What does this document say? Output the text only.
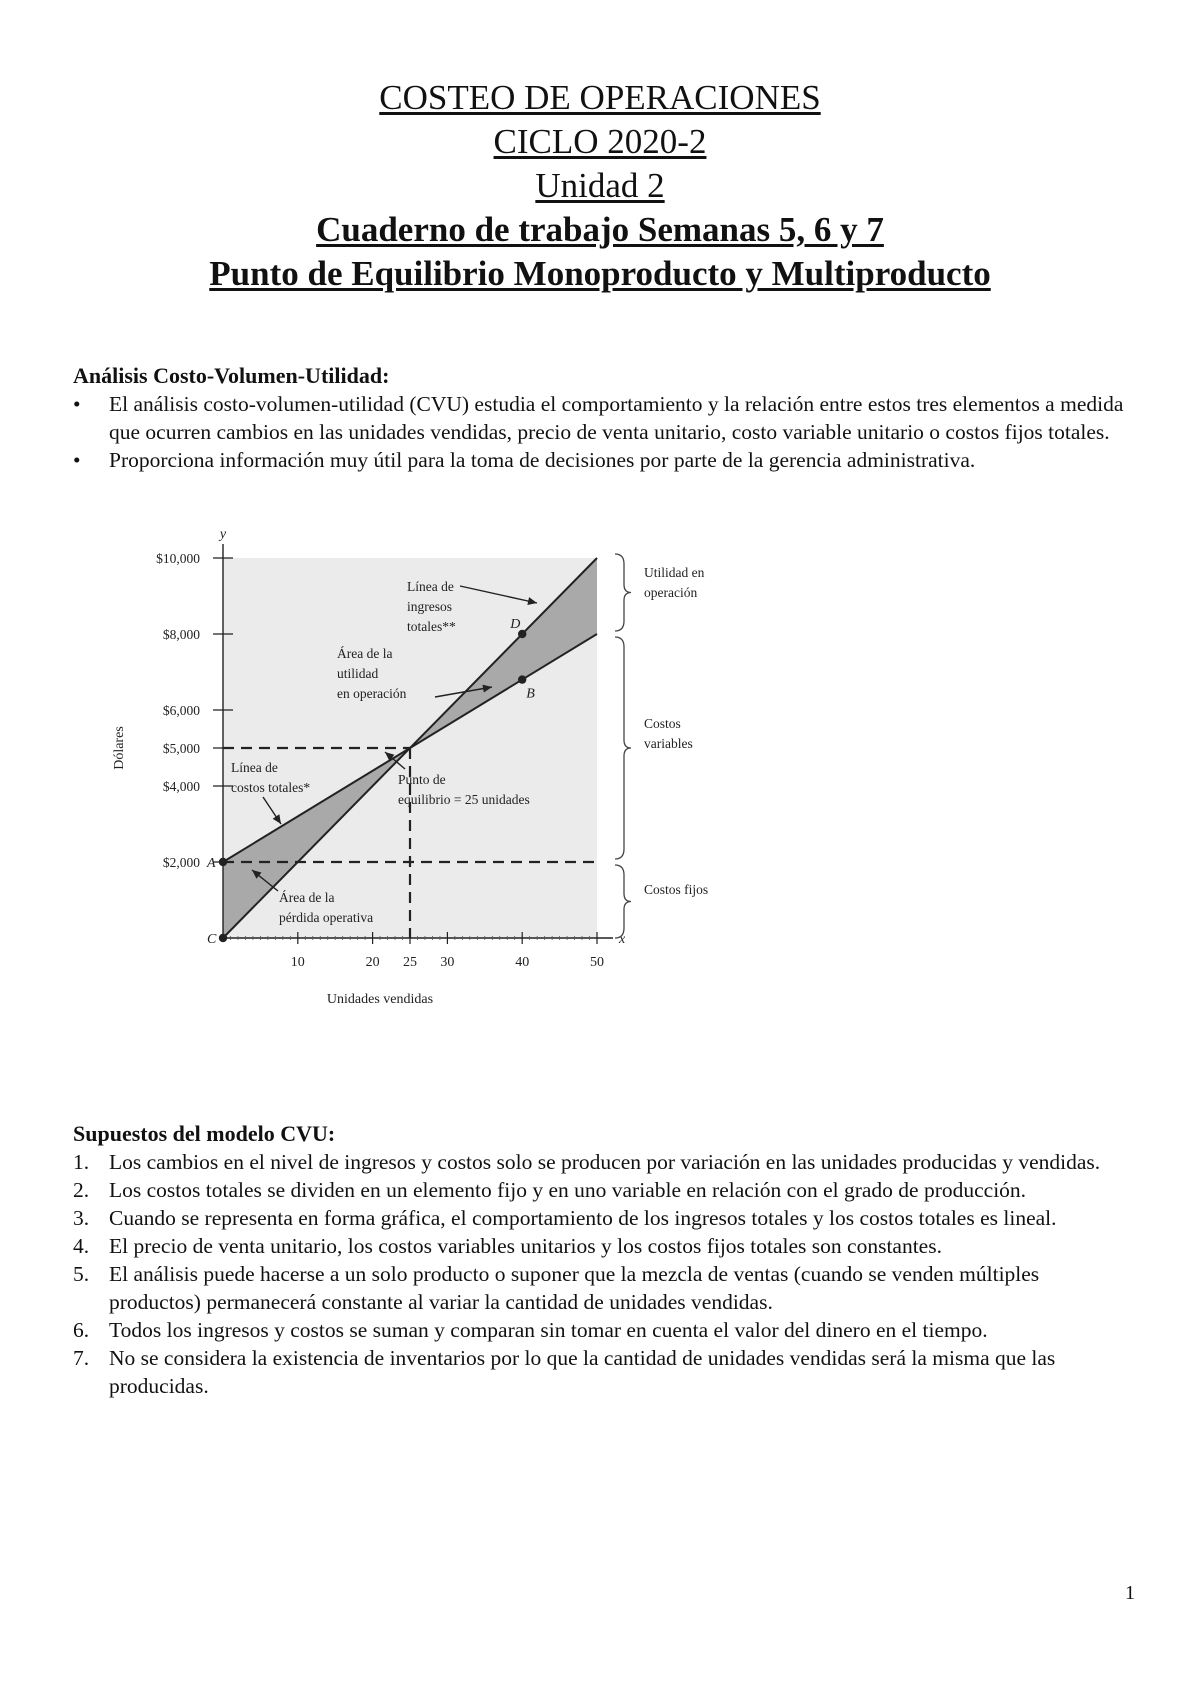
COSTEO DE OPERACIONES
CICLO 2020-2
Unidad 2
Cuaderno de trabajo Semanas 5, 6 y 7
Punto de Equilibrio Monoproducto y Multiproducto
Análisis Costo-Volumen-Utilidad:
• El análisis costo-volumen-utilidad (CVU) estudia el comportamiento y la relación entre estos tres elementos a medida que ocurren cambios en las unidades vendidas, precio de venta unitario, costo variable unitario o costos fijos totales.
• Proporciona información muy útil para la toma de decisiones por parte de la gerencia administrativa.
x
y
10	20 25 30	40	50
$2,000
$4,000
$5,000
$6,000
$8,000
$10,000
Unidades vendidas
Dólares
A
B
C
D
Línea de
ingresos
totales**
Área de la
utilidad
en operación
Línea de
costos totales*
Punto de
equilibrio = 25 unidades
Área de la
pérdida operativa
Utilidad en
operación
Costos
variables
Costos fijos
Supuestos del modelo CVU:
1. Los cambios en el nivel de ingresos y costos solo se producen por variación en las unidades producidas y vendidas.
2. Los costos totales se dividen en un elemento fijo y en uno variable en relación con el grado de producción.
3. Cuando se representa en forma gráfica, el comportamiento de los ingresos totales y los costos totales es lineal.
4. El precio de venta unitario, los costos variables unitarios y los costos fijos totales son constantes.
5. El análisis puede hacerse a un solo producto o suponer que la mezcla de ventas (cuando se venden múltiples productos) permanecerá constante al variar la cantidad de unidades vendidas.
6. Todos los ingresos y costos se suman y comparan sin tomar en cuenta el valor del dinero en el tiempo.
7. No se considera la existencia de inventarios por lo que la cantidad de unidades vendidas será la misma que las producidas.
1
